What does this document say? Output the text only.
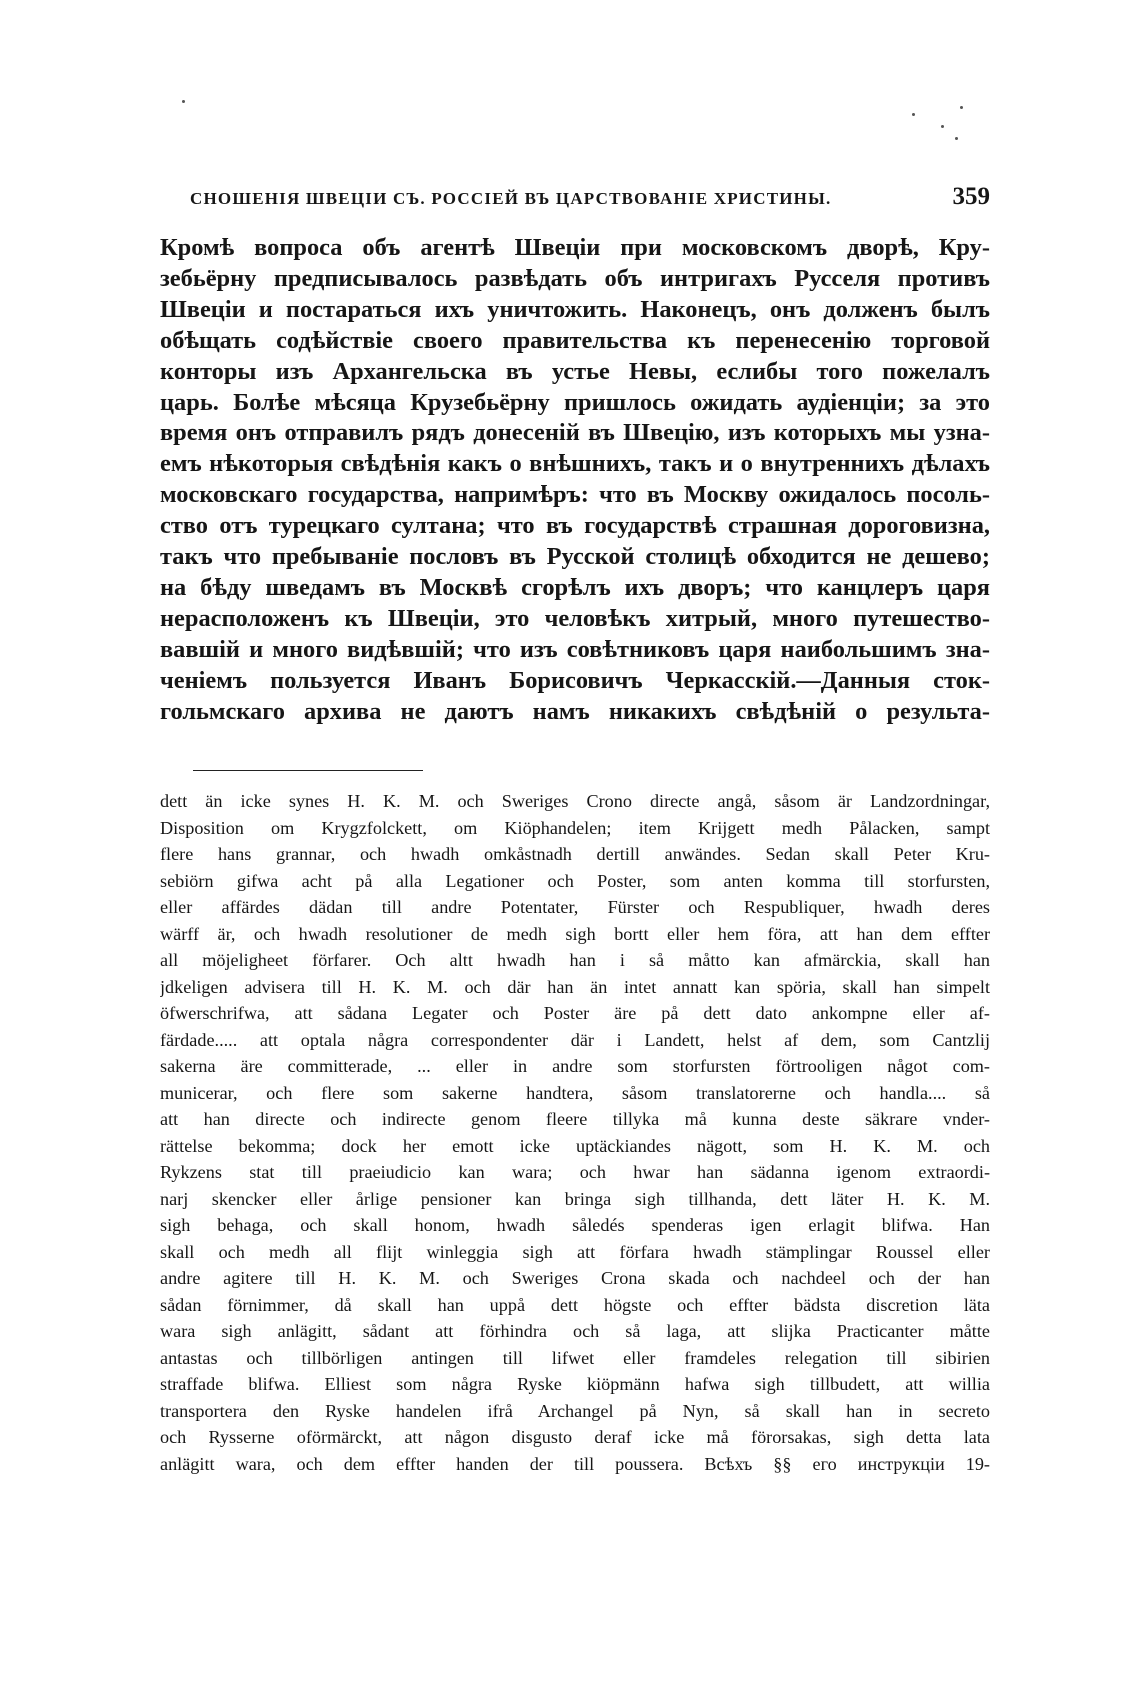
СНОШЕНІЯ ШВЕЦІИ СЪ. РОССІЕЙ ВЪ ЦАРСТВОВАНІЕ ХРИСТИНЫ.	359
Кромѣ вопроса объ агентѣ Швеціи при московскомъ дворѣ, Кру-
зебьёрну предписывалось развѣдать объ интригахъ Русселя противъ
Швеціи и постараться ихъ уничтожить. Наконецъ, онъ долженъ былъ
обѣщать содѣйствіе своего правительства къ перенесенію торговой
конторы изъ Архангельска въ устье Невы, еслибы того пожелалъ
царь. Болѣе мѣсяца Крузебьёрну пришлось ожидать аудіенціи; за это
время онъ отправилъ рядъ донесеній въ Швецію, изъ которыхъ мы узна-
емъ нѣкоторыя свѣдѣнія какъ о внѣшнихъ, такъ и о внутреннихъ дѣлахъ
московскаго государства, напримѣръ: что въ Москву ожидалось посоль-
ство отъ турецкаго султана; что въ государствѣ страшная дороговизна,
такъ что пребываніе пословъ въ Русской столицѣ обходится не дешево;
на бѣду шведамъ въ Москвѣ сгорѣлъ ихъ дворъ; что канцлеръ царя
нерасположенъ къ Швеціи, это человѣкъ хитрый, много путешество-
вавшій и много видѣвшій; что изъ совѣтниковъ царя наибольшимъ зна-
ченіемъ пользуется Иванъ Борисовичъ Черкасскій.—Данныя сток-
гольмскаго архива не даютъ намъ никакихъ свѣдѣній о результа-
dett än icke synes H. K. M. och Sweriges Crono directe angå, såsom är Landzordningar,
Disposition om Krygzfolckett, om Kiöphandelen; item Krijgett medh Pålacken, sampt
flere hans grannar, och hwadh omkåstnadh dertill anwändes. Sedan skall Peter Kru-
sebiörn gifwa acht på alla Legationer och Poster, som anten komma till storfursten,
eller affärdes dädan till andre Potentater, Fürster och Respubliquer, hwadh deres
wärff är, och hwadh resolutioner de medh sigh bortt eller hem föra, att han dem effter
all möjeligheet förfarer. Och altt hwadh han i så måtto kan afmärckia, skall han
jdkeligen advisera till H. K. M. och där han än intet annatt kan spöria, skall han simpelt
öfwerschrifwa, att sådana Legater och Poster äre på dett dato ankompne eller af-
färdade..... att optala några correspondenter där i Landett, helst af dem, som Cantzlij
sakerna äre committerade, ... eller in andre som storfursten förtrooligen något com-
municerar, och flere som sakerne handtera, såsom translatorerne och handla.... så
att han directe och indirecte genom fleere tillyka må kunna deste säkrare vnder-
rättelse bekomma; dock her emott icke uptäckiandes nägott, som H. K. M. och
Rykzens stat till praeiudicio kan wara; och hwar han sädanna igenom extraordi-
narj skencker eller årlige pensioner kan bringa sigh tillhanda, dett läter H. K. M.
sigh behaga, och skall honom, hwadh såledés spenderas igen erlagit blifwa. Han
skall och medh all flijt winleggia sigh att förfara hwadh stämplingar Roussel eller
andre agitere till H. K. M. och Sweriges Crona skada och nachdeel och der han
sådan förnimmer, då skall han uppå dett högste och effter bädsta discretion läta
wara sigh anlägitt, sådant att förhindra och så laga, att slijka Practicanter måtte
antastas och tillbörligen antingen till lifwet eller framdeles relegation till sibirien
straffade blifwa. Elliest som några Ryske kiöpmänn hafwa sigh tillbudett, att willia
transportera den Ryske handelen ifrå Archangel på Nyn, så skall han in secreto
och Rysserne oförmärckt, att någon disgusto deraf icke må förorsakas, sigh detta lata
anlägitt wara, och dem effter handen der till poussera. Всѣхъ §§ его инструкціи 19-
